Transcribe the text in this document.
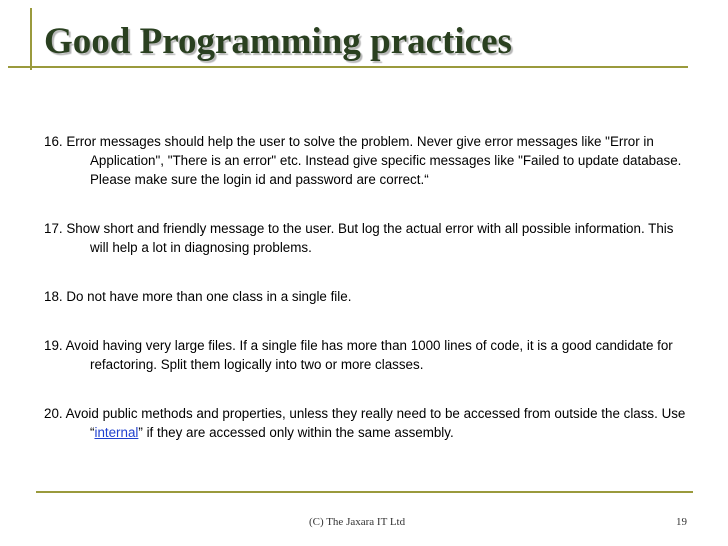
Good Programming practices

16. Error messages should help the user to solve the problem. Never give error messages like "Error in Application", "There is an error" etc. Instead give specific messages like "Failed to update database. Please make sure the login id and password are correct.“

17. Show short and friendly message to the user. But log the actual error with all possible information. This will help a lot in diagnosing problems.

18. Do not have more than one class in a single file.

19. Avoid having very large files. If a single file has more than 1000 lines of code, it is a good candidate for refactoring. Split them logically into two or more classes.

20. Avoid public methods and properties, unless they really need to be accessed from outside the class. Use “internal” if they are accessed only within the same assembly.

(C) The Jaxara IT Ltd	19
